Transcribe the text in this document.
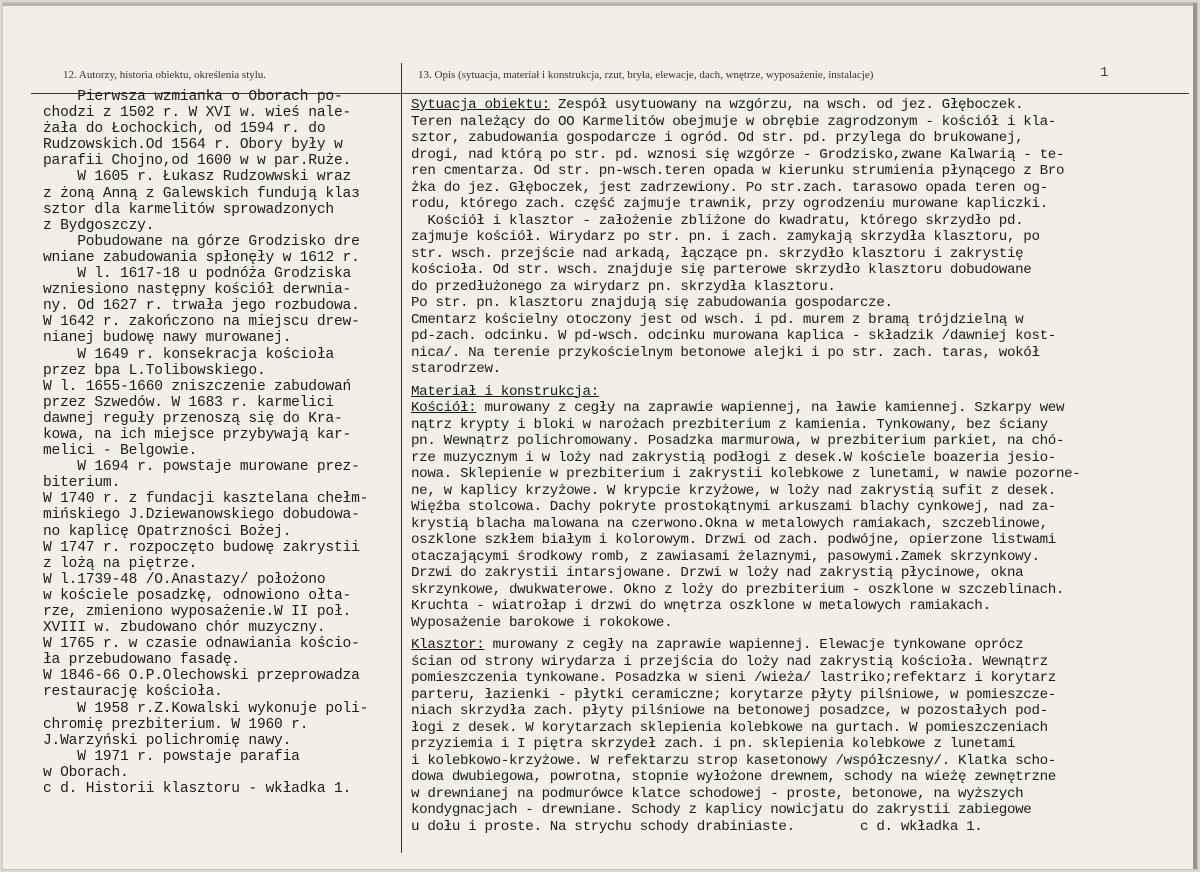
12. Autorzy, historia obiektu, określenia stylu.	13. Opis (sytuacja, materiał i konstrukcja, rzut, bryła, elewacje, dach, wnętrze, wyposażenie, instalacje)	1
Pierwsza wzmianka o Oborach po-
chodzi z 1502 r. W XVI w. wieś nale-
żała do Łochockich, od 1594 r. do
Rudzowskich.Od 1564 r. Obory były w
parafii Chojno,od 1600 w w par.Ruże.
W 1605 r. Łukasz Rudzowwski wraz
z żoną Anną z Galewskich fundują klaз
sztor dla karmelitów sprowadzonych
z Bydgoszczy.
Pobudowane na górze Grodzisko dre
wniane zabudowania spłonęły w 1612 r.
W l. 1617-18 u podnóża Grodziska
wzniesiono następny kościół derwnia-
ny. Od 1627 r. trwała jego rozbudowa.
W 1642 r. zakończono na miejscu drew-
nianej budowę nawy murowanej.
W 1649 r. konsekracja kościoła
przez bpa L.Tolibowskiego.
W l. 1655-1660 zniszczenie zabudowań
przez Szwedów. W 1683 r. karmelici
dawnej reguły przenoszą się do Kra-
kowa, na ich miejsce przybywają kar-
melici - Belgowie.
W 1694 r. powstaje murowane prez-
biterium.
W 1740 r. z fundacji kasztelana chełm-
mińskiego J.Dziewanowskiego dobudowa-
no kaplicę Opatrzności Bożej.
W 1747 r. rozpoczęto budowę zakrystii
z lożą na piętrze.
W l.1739-48 /O.Anastazy/ położono
w kościele posadzkę, odnowiono ołta-
rze, zmieniono wyposażenie.W II poł.
XVIII w. zbudowano chór muzyczny.
W 1765 r. w czasie odnawiania kościo-
ła przebudowano fasadę.
W 1846-66 O.P.Olechowski przeprowadza
restaurację kościoła.
W 1958 r.Z.Kowalski wykonuje poli-
chromię prezbiterium. W 1960 r.
J.Warzyński polichromię nawy.
W 1971 r. powstaje parafia
w Oborach.
c d. Historii klasztoru - wkładka 1.
Sytuacja obiektu: Zespół usytuowany na wzgórzu, na wsch. od jez. Głęboczek.
Teren należący do OO Karmelitów obejmuje w obrębie zagrodzonym - kościół i kla-
sztor, zabudowania gospodarcze i ogród. Od str. pd. przylega do brukowanej,
drogi, nad którą po str. pd. wznosi się wzgórze - Grodzisko,zwane Kalwarią - te-
ren cmentarza. Od str. pn-wsch.teren opada w kierunku strumienia płynącego z Bro
żka do jez. Głęboczek, jest zadrzewiony. Po str.zach. tarasowo opada teren og-
rodu, którego zach. część zajmuje trawnik, przy ogrodzeniu murowane kapliczki.
Kościół i klasztor - założenie zbliżone do kwadratu, którego skrzydło pd.
zajmuje kościół. Wirydarz po str. pn. i zach. zamykają skrzydła klasztoru, po
str. wsch. przejście nad arkadą, łączące pn. skrzydło klasztoru i zakrystię
kościoła. Od str. wsch. znajduje się parterowe skrzydło klasztoru dobudowane
do przedłużonego za wirydarz pn. skrzydła klasztoru.
Po str. pn. klasztoru znajdują się zabudowania gospodarcze.
Cmentarz kościelny otoczony jest od wsch. i pd. murem z bramą trójdzielną w
pd-zach. odcinku. W pd-wsch. odcinku murowana kaplica - składzik /dawniej kost-
nica/. Na terenie przykościelnym betonowe alejki i po str. zach. taras, wokół
starodrzew.
Materiał i konstrukcja:
Kościół: murowany z cegły na zaprawie wapiennej, na ławie kamiennej. Szkarpy wew
nątrz krypty i bloki w narożach prezbiterium z kamienia. Tynkowany, bez ściany
pn. Wewnątrz polichromowany. Posadzka marmurowa, w prezbiterium parkiet, na chó-
rze muzycznym i w loży nad zakrystią podłogi z desek.W kościele boazeria jesio-
nowa. Sklepienie w prezbiterium i zakrystii kolebkowe z lunetami, w nawie pozorne-
ne, w kaplicy krzyżowe. W krypcie krzyżowe, w loży nad zakrystią sufit z desek.
Więźba stolcowa. Dachy pokryte prostokątnymi arkuszami blachy cynkowej, nad za-
krystią blacha malowana na czerwono.Okna w metalowych ramiakach, szczeblinowe,
oszklone szkłem białym i kolorowym. Drzwi od zach. podwójne, opierzone listwami
otaczającymi środkowy romb, z zawiasami żelaznymi, pasowymi.Zamek skrzynkowy.
Drzwi do zakrystii intarsjowane. Drzwi w loży nad zakrystią płycinowe, okna
skrzynkowe, dwukwaterowe. Okno z loży do prezbiterium - oszklone w szczeblinach.
Kruchta - wiatrołap i drzwi do wnętrza oszklone w metalowych ramiakach.
Wyposażenie barokowe i rokokowe.
Klasztor: murowany z cegły na zaprawie wapiennej. Elewacje tynkowane oprócz
ścian od strony wirydarza i przejścia do loży nad zakrystią kościoła. Wewnątrz
pomieszczenia tynkowane. Posadzka w sieni /wieża/ lastriko;refektarz i korytarz
parteru, łazienki - płytki ceramiczne; korytarze płyty pilśniowe, w pomieszcze-
niach skrzydła zach. płyty pilśniowe na betonowej posadzce, w pozostałych pod-
łogi z desek. W korytarzach sklepienia kolebkowe na gurtach. W pomieszczeniach
przyziemia i I piętra skrzydeł zach. i pn. sklepienia kolebkowe z lunetami
i kolebkowo-krzyżowe. W refektarzu strop kasetonowy /współczesny/. Klatka scho-
dowa dwubiegowa, powrotna, stopnie wyłożone drewnem, schody na wieżę zewnętrzne
w drewnianej na podmurówce klatce schodowej - proste, betonowe, na wyższych
kondygnacjach - drewniane. Schody z kaplicy nowicjatu do zakrystii zabiegowe
u dołu i proste. Na strychu schody drabiniaste.        c d. wkładka 1.
